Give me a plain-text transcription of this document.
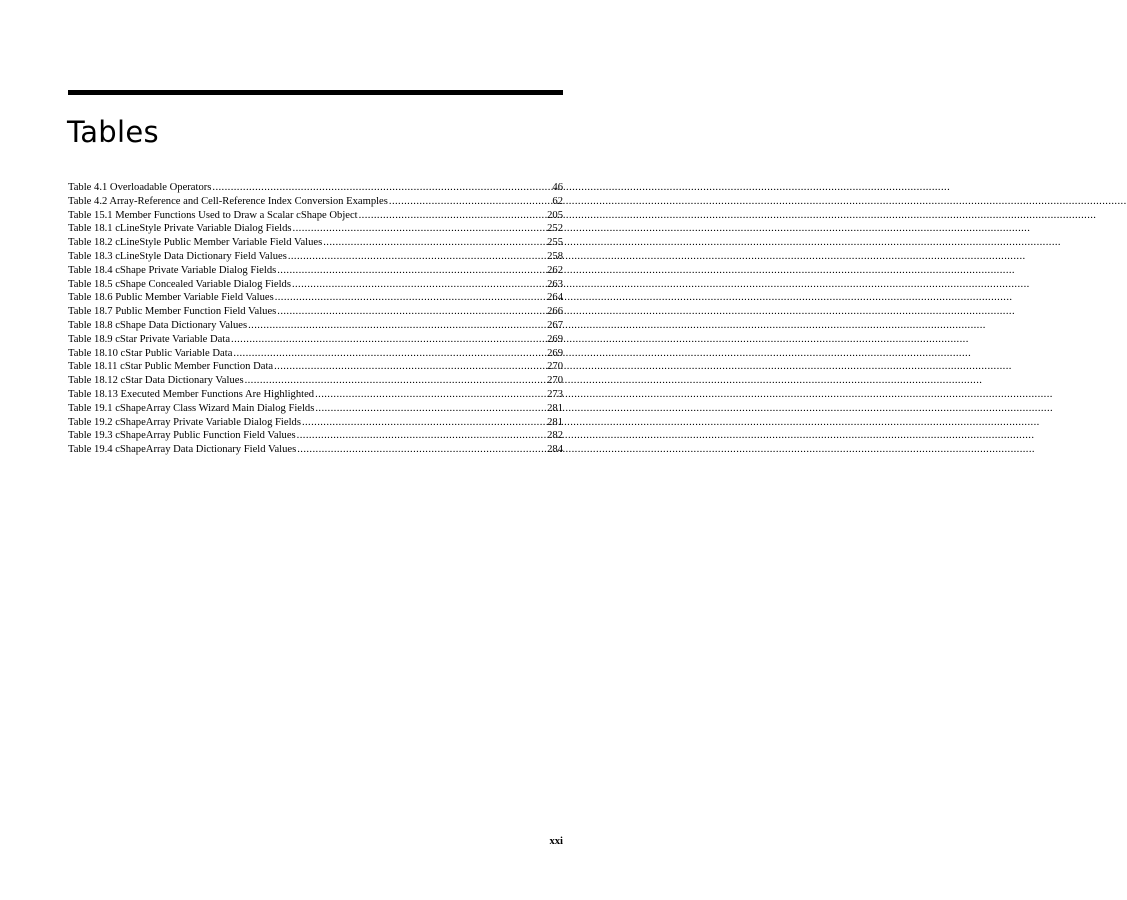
Tables
Table 4.1 Overloadable Operators .....	46
Table 4.2 Array-Reference and Cell-Reference Index Conversion Examples .....	62
Table 15.1 Member Functions Used to Draw a Scalar cShape Object .....	205
Table 18.1 cLineStyle Private Variable Dialog Fields .....	252
Table 18.2 cLineStyle Public Member Variable Field Values .....	255
Table 18.3 cLineStyle Data Dictionary Field Values .....	258
Table 18.4 cShape Private Variable Dialog Fields .....	262
Table 18.5 cShape Concealed Variable Dialog Fields .....	263
Table 18.6 Public Member Variable Field Values .....	264
Table 18.7 Public Member Function Field Values .....	266
Table 18.8 cShape Data Dictionary Values .....	267
Table 18.9 cStar Private Variable Data .....	269
Table 18.10 cStar Public Variable Data .....	269
Table 18.11 cStar Public Member Function Data .....	270
Table 18.12 cStar Data Dictionary Values .....	270
Table 18.13 Executed Member Functions Are Highlighted .....	273
Table 19.1 cShapeArray Class Wizard Main Dialog Fields .....	281
Table 19.2 cShapeArray Private Variable Dialog Fields .....	281
Table 19.3 cShapeArray Public Function Field Values .....	282
Table 19.4 cShapeArray Data Dictionary Field Values .....	284
xxi
